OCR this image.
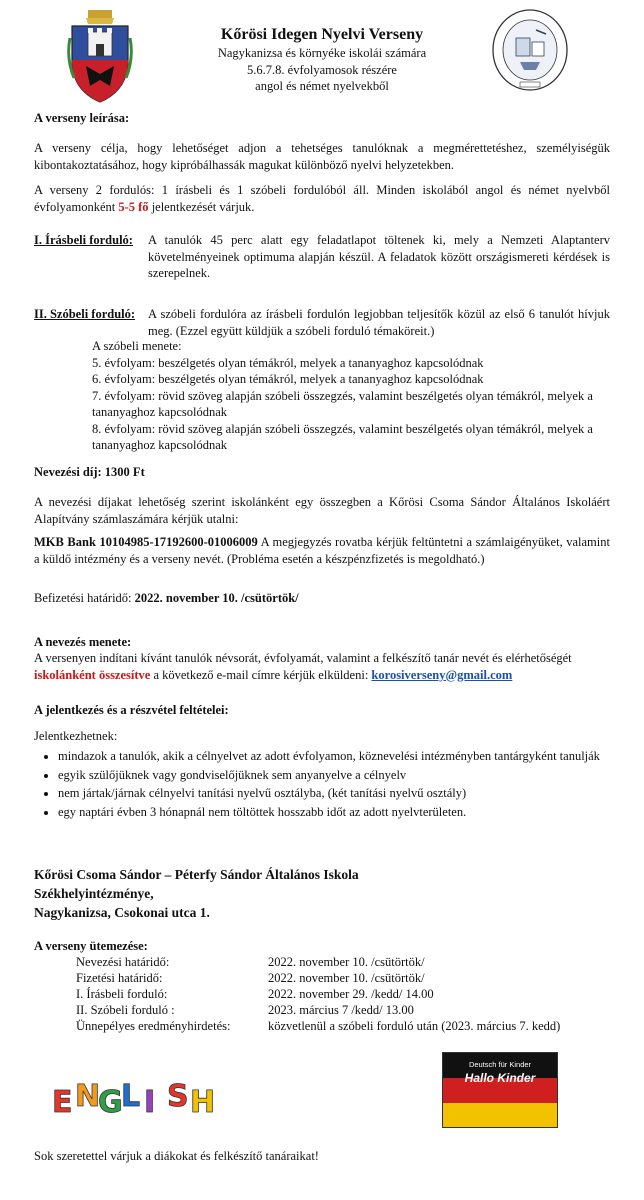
Kőrösi Idegen Nyelvi Verseny
Nagykanizsa és környéke iskolái számára
5.6.7.8. évfolyamosok részére
angol és német nyelvekből
A verseny leírása:

A verseny célja, hogy lehetőséget adjon a tehetséges tanulóknak a megmérettetéshez, személyiségük kibontakoztatásához, hogy kipróbálhassák magukat különböző nyelvi helyzetekben.

A verseny 2 fordulós: 1 írásbeli és 1 szóbeli fordulóból áll. Minden iskolából angol és német nyelvből évfolyamonként 5-5 fő jelentkezését várjuk.

I. Írásbeli forduló: A tanulók 45 perc alatt egy feladatlapot töltenek ki, mely a Nemzeti Alaptanterv követelményeinek optimuma alapján készül. A feladatok között országismereti kérdések is szerepelnek.

II. Szóbeli forduló: A szóbeli fordulóra az írásbeli fordulón legjobban teljesítők közül az első 6 tanulót hívjuk meg. (Ezzel együtt küldjük a szóbeli forduló témaköreit.)

A szóbeli menete:
5. évfolyam: beszélgetés olyan témákról, melyek a tananyaghoz kapcsolódnak
6. évfolyam: beszélgetés olyan témákról, melyek a tananyaghoz kapcsolódnak
7. évfolyam: rövid szöveg alapján szóbeli összegzés, valamint beszélgetés olyan témákról, melyek a tananyaghoz kapcsolódnak
8. évfolyam: rövid szöveg alapján szóbeli összegzés, valamint beszélgetés olyan témákról, melyek a tananyaghoz kapcsolódnak
Nevezési díj: 1300 Ft

A nevezési díjakat lehetőség szerint iskolánként egy összegben a Kőrösi Csoma Sándor Általános Iskoláért Alapítvány számlaszámára kérjük utalni:

MKB Bank 10104985-17192600-01006009 A megjegyzés rovatba kérjük feltüntetni a számlaigényüket, valamint a küldő intézmény és a verseny nevét. (Probléma esetén a készpénzfizetés is megoldható.)

Befizetési határidő: 2022. november 10. /csütörtök/
A nevezés menete:

A versenyen indítani kívánt tanulók névsorát, évfolyamát, valamint a felkészítő tanár nevét és elérhetőségét iskolánként összesítve a következő e-mail címre kérjük elküldeni: korosiverseny@gmail.com

A jelentkezés és a részvétel feltételei:
Jelentkezhetnek:
• mindazok a tanulók, akik a célnyelvet az adott évfolyamon, köznevelési intézményben tantárgyként tanulják
• egyik szülőjüknek vagy gondviselőjüknek sem anyanyelve a célnyelv
• nem jártak/járnak célnyelvi tanítási nyelvű osztályba, (két tanítási nyelvű osztály)
• egy naptári évben 3 hónapnál nem töltöttek hosszabb időt az adott nyelvterületen.
Kőrösi Csoma Sándor – Péterfy Sándor Általános Iskola
Székhelyintézménye,
Nagykanizsa, Csokonai utca 1.
A verseny ütemezése:
Nevezési határidő:	2022. november 10. /csütörtök/
Fizetési határidő:	2022. november 10. /csütörtök/
I. Írásbeli forduló:	2022. november 29. /kedd/ 14.00
II. Szóbeli forduló :	2023. március 7 /kedd/ 13.00
Ünnepélyes eredményhirdetés:	közvetlenül a szóbeli forduló után (2023. március 7. kedd)
E N
G
L I S H
Deutsch für Kinder
Hallo Kinder
Sok szeretettel várjuk a diákokat és felkészítő tanáraikat!
